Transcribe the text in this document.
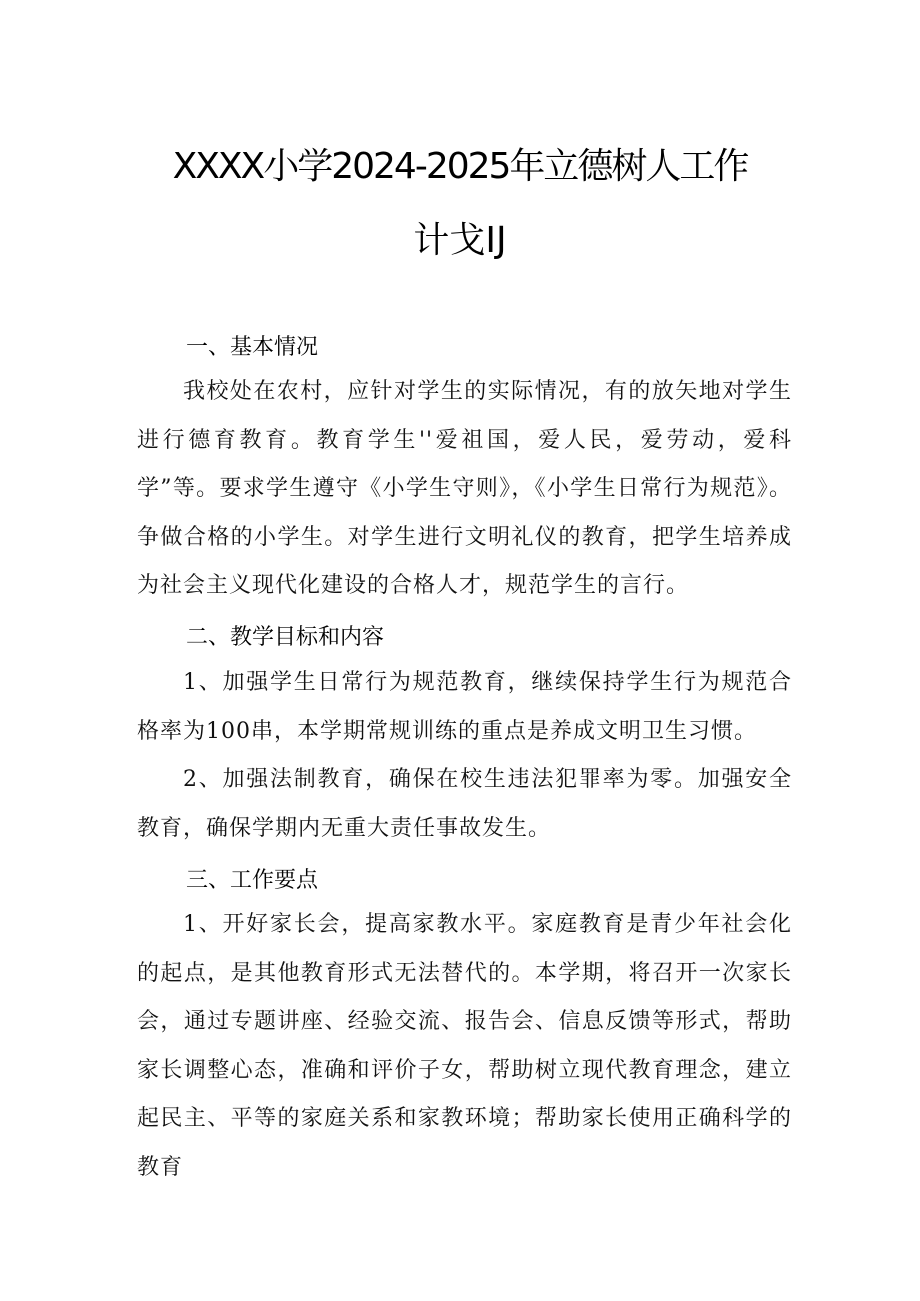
XXXX小学2024-2025年立德树人工作
计戈IJ
一、基本情况
我校处在农村，应针对学生的实际情况，有的放矢地对学生进行德育教育。教育学生''爱祖国，爱人民，爱劳动，爱科学”等。要求学生遵守《小学生守则》，《小学生日常行为规范》。争做合格的小学生。对学生进行文明礼仪的教育，把学生培养成为社会主义现代化建设的合格人才，规范学生的言行。
二、教学目标和内容
1、加强学生日常行为规范教育，继续保持学生行为规范合格率为100串，本学期常规训练的重点是养成文明卫生习惯。
2、加强法制教育，确保在校生违法犯罪率为零。加强安全教育，确保学期内无重大责任事故发生。
三、工作要点
1、开好家长会，提高家教水平。家庭教育是青少年社会化的起点，是其他教育形式无法替代的。本学期，将召开一次家长会，通过专题讲座、经验交流、报告会、信息反馈等形式，帮助家长调整心态，准确和评价子女，帮助树立现代教育理念，建立起民主、平等的家庭关系和家教环境；帮助家长使用正确科学的教育
